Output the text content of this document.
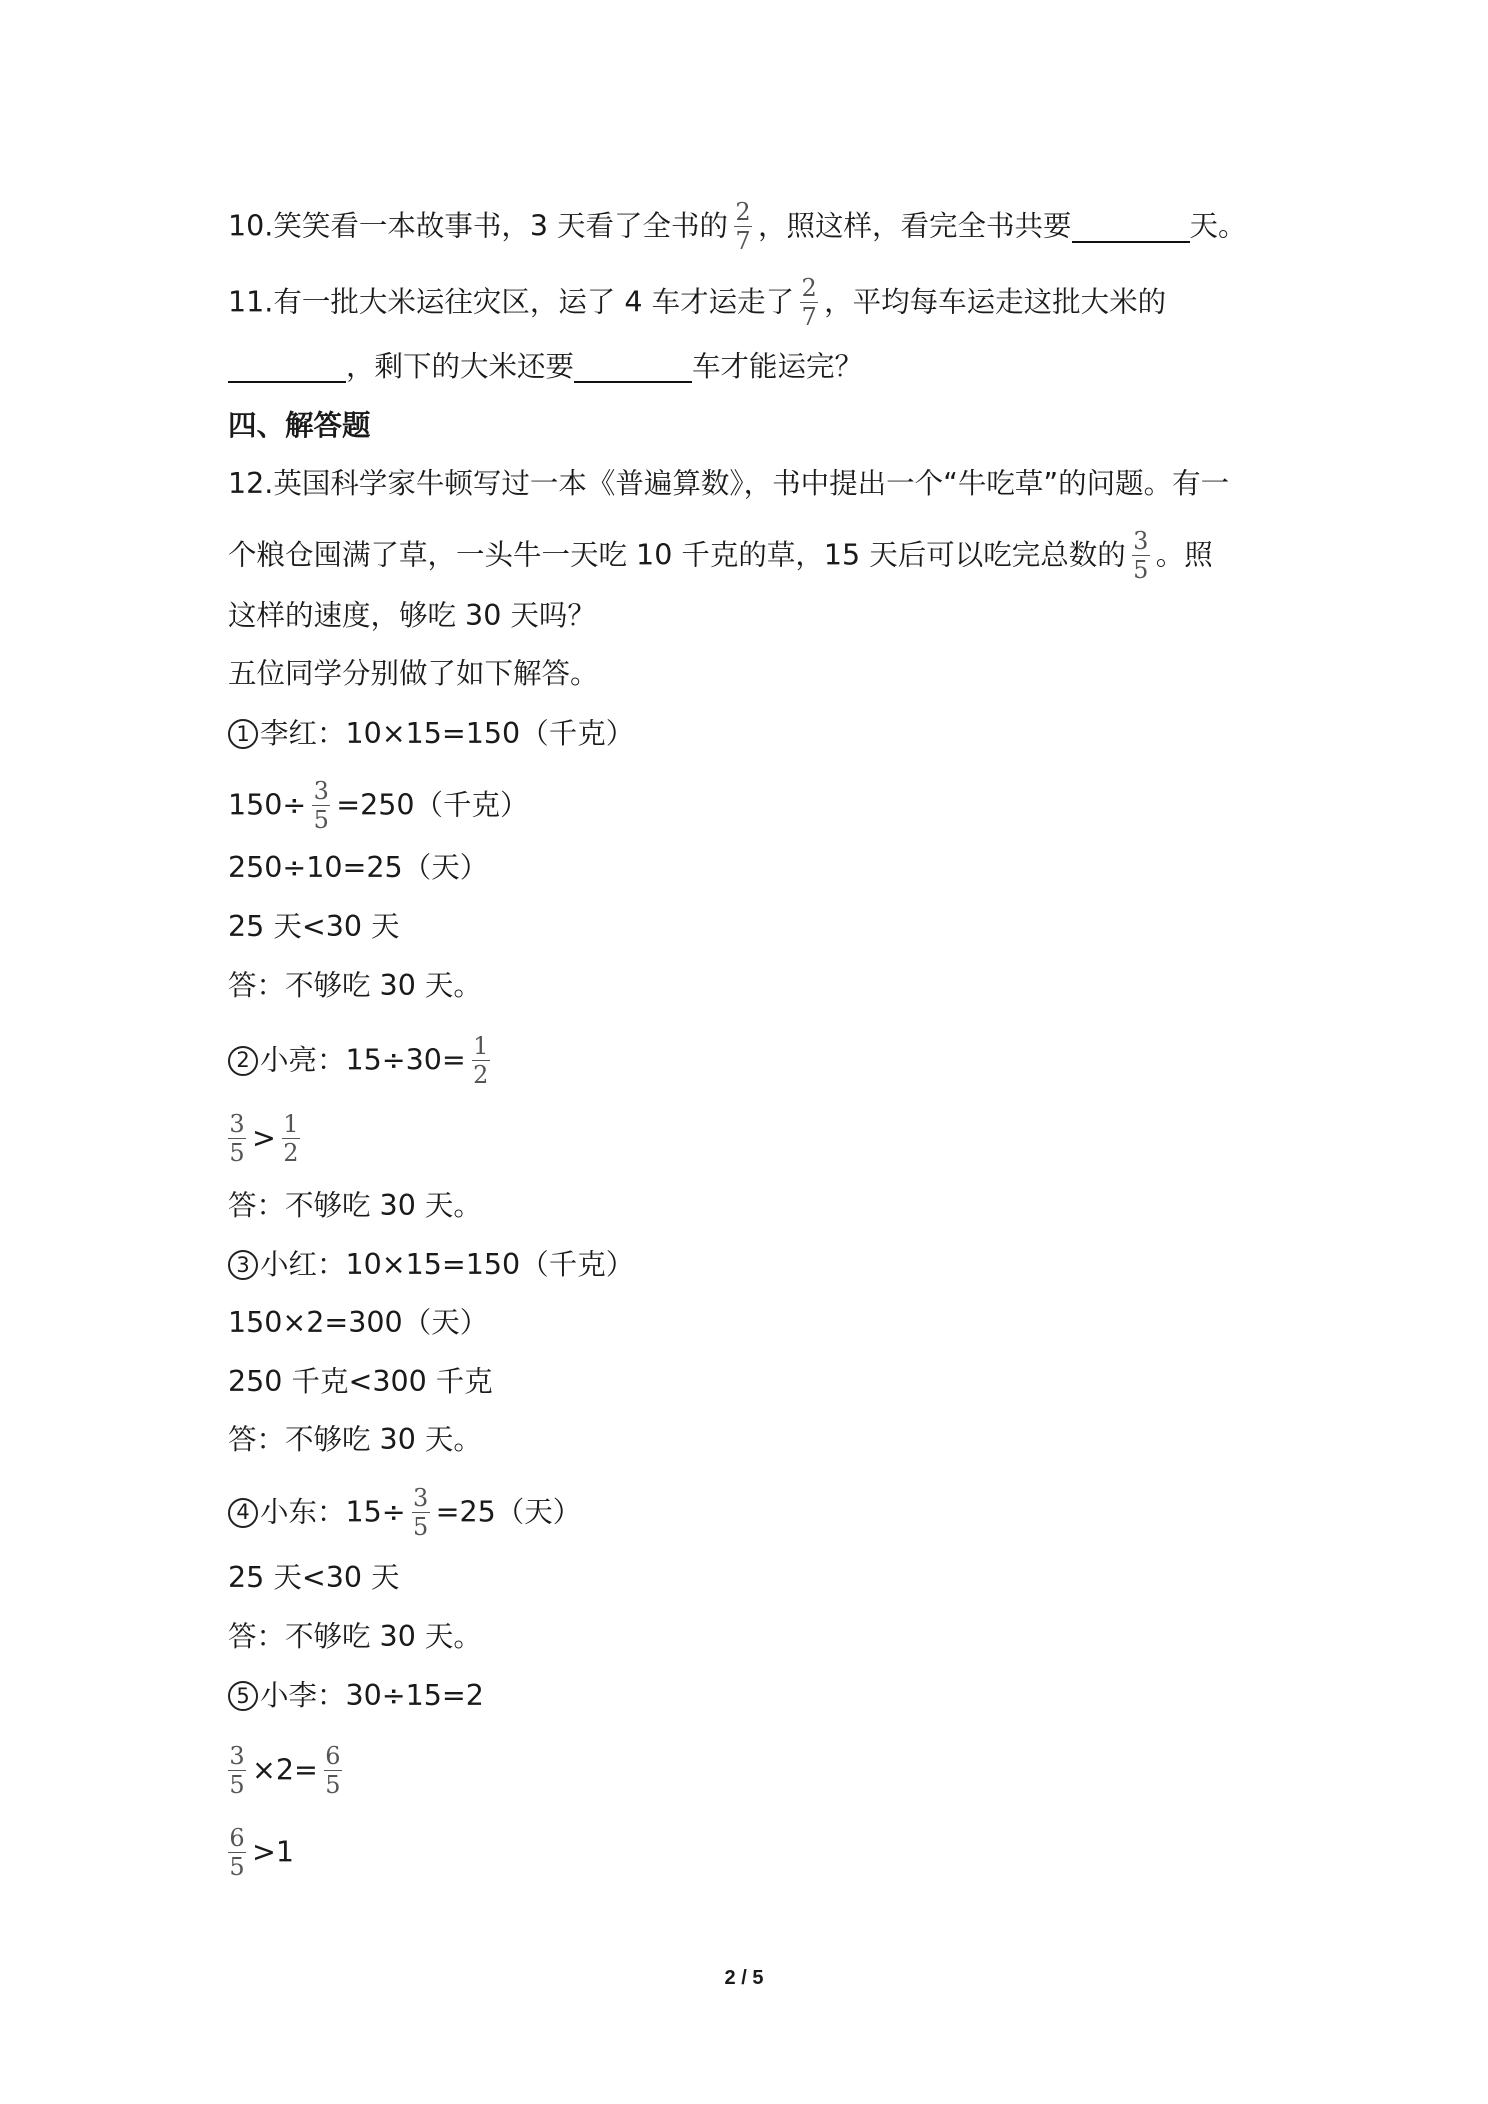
10.笑笑看一本故事书，3 天看了全书的 $\frac{2}{7}$ ，照这样，看完全书共要	天。

11.有一批大米运往灾区，运了 4 车才运走了 $\frac{2}{7}$ ，平均每车运走这批大米的

，剩下的大米还要	车才能运完？

四、解答题

12.英国科学家牛顿写过一本《普遍算数》，书中提出一个“牛吃草”的问题。有一

个粮仓囤满了草，一头牛一天吃 10 千克的草，15 天后可以吃完总数的 $\frac{3}{5}$ 。照

这样的速度，够吃 30 天吗？

五位同学分别做了如下解答。

1 李红：10×15=150（千克）

$150\div \frac{3}{5} =250$（千克）

250÷10=25（天）

25 天<30 天

答：不够吃 30 天。

2 小亮：$15\div 30= \frac{1}{2}$

$\frac{3}{5} > \frac{1}{2}$

答：不够吃 30 天。

3 小红：10×15=150（千克）

150×2=300（天）

250 千克<300 千克

答：不够吃 30 天。

4 小东：$15\div \frac{3}{5} =25$（天）

25 天<30 天

答：不够吃 30 天。

5 小李：30÷15=2

$\frac{3}{5} \times 2= \frac{6}{5}$

$\frac{6}{5} >1$

2 / 5
